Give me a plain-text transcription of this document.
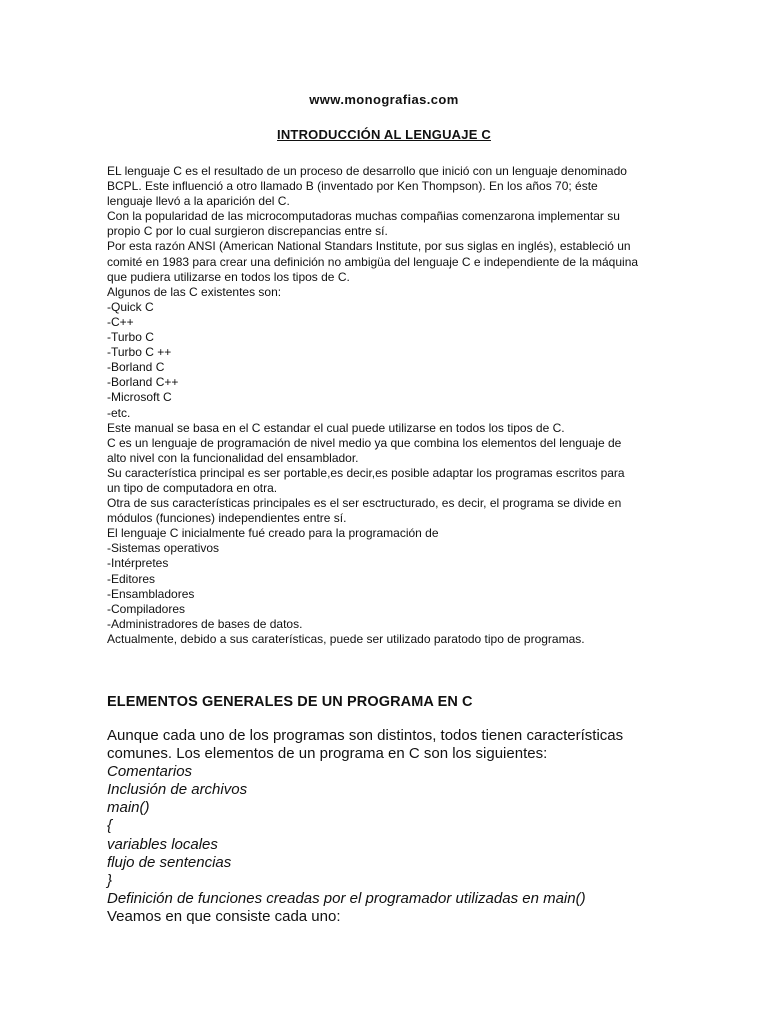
www.monografias.com
INTRODUCCIÓN AL LENGUAJE C
EL lenguaje C es el resultado de un proceso de desarrollo que inició con un lenguaje denominado
BCPL. Este influenció a otro llamado B (inventado por Ken Thompson). En los años 70; éste
lenguaje llevó a la aparición del C.
Con la popularidad de las microcomputadoras muchas compañias comenzarona implementar su
propio C por lo cual surgieron discrepancias entre sí.
Por esta razón ANSI (American National Standars Institute, por sus siglas en inglés), estableció un
comité en 1983 para crear una definición no ambigüa del lenguaje C e independiente de la máquina
que pudiera utilizarse en todos los tipos de C.
Algunos de las C existentes son:
-Quick C
-C++
-Turbo C
-Turbo C ++
-Borland C
-Borland C++
-Microsoft C
-etc.
Este manual se basa en el C estandar el cual puede utilizarse en todos los tipos de C.
C es un lenguaje de programación de nivel medio ya que combina los elementos del lenguaje de
alto nivel con la funcionalidad del ensamblador.
Su característica principal es ser portable,es decir,es posible adaptar los programas escritos para
un tipo de computadora en otra.
Otra de sus características principales es el ser esctructurado, es decir, el programa se divide en
módulos (funciones) independientes entre sí.
El lenguaje C inicialmente fué creado para la programación de
-Sistemas operativos
-Intérpretes
-Editores
-Ensambladores
-Compiladores
-Administradores de bases de datos.
Actualmente, debido a sus caraterísticas, puede ser utilizado paratodo tipo de programas.
ELEMENTOS GENERALES DE UN PROGRAMA EN C
Aunque cada uno de los programas son distintos, todos tienen características
comunes. Los elementos de un programa en C son los siguientes:
Comentarios
Inclusión de archivos
main()
{
variables locales
flujo de sentencias
}
Definición de funciones creadas por el programador utilizadas en main()
Veamos en que consiste cada uno:
